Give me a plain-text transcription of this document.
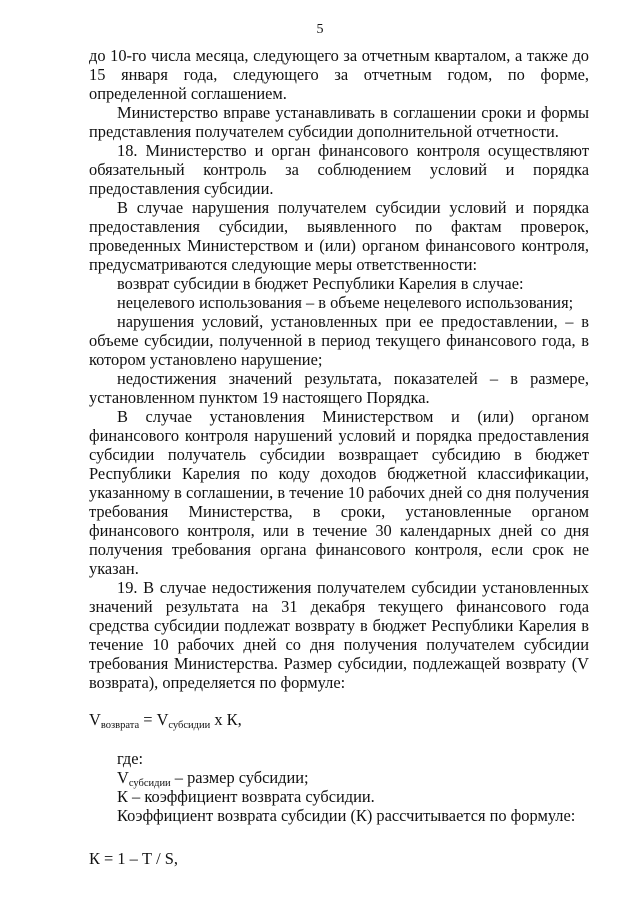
5

до 10-го числа месяца, следующего за отчетным кварталом, а также до 15 января года, следующего за отчетным годом, по форме, определенной соглашением.

Министерство вправе устанавливать в соглашении сроки и формы представления получателем субсидии дополнительной отчетности.

18. Министерство и орган финансового контроля осуществляют обязательный контроль за соблюдением условий и порядка предоставления субсидии.

В случае нарушения получателем субсидии условий и порядка предоставления субсидии, выявленного по фактам проверок, проведенных Министерством и (или) органом финансового контроля, предусматриваются следующие меры ответственности:

возврат субсидии в бюджет Республики Карелия в случае:

нецелевого использования – в объеме нецелевого использования;

нарушения условий, установленных при ее предоставлении, – в объеме субсидии, полученной в период текущего финансового года, в котором установлено нарушение;

недостижения значений результата, показателей – в размере, установленном пунктом 19 настоящего Порядка.

В случае установления Министерством и (или) органом финансового контроля нарушений условий и порядка предоставления субсидии получатель субсидии возвращает субсидию в бюджет Республики Карелия по коду доходов бюджетной классификации, указанному в соглашении, в течение 10 рабочих дней со дня получения требования Министерства, в сроки, установленные органом финансового контроля, или в течение 30 календарных дней со дня получения требования органа финансового контроля, если срок не указан.

19. В случае недостижения получателем субсидии установленных значений результата на 31 декабря текущего финансового года средства субсидии подлежат возврату в бюджет Республики Карелия в течение 10 рабочих дней со дня получения получателем субсидии требования Министерства. Размер субсидии, подлежащей возврату (V возврата), определяется по формуле:

$V_{возврата} = V_{субсидии}$ х К,

где:

$V_{субсидии}$ – размер субсидии;

К – коэффициент возврата субсидии.

Коэффициент возврата субсидии (К) рассчитывается по формуле:

К = 1 – Т / S,
